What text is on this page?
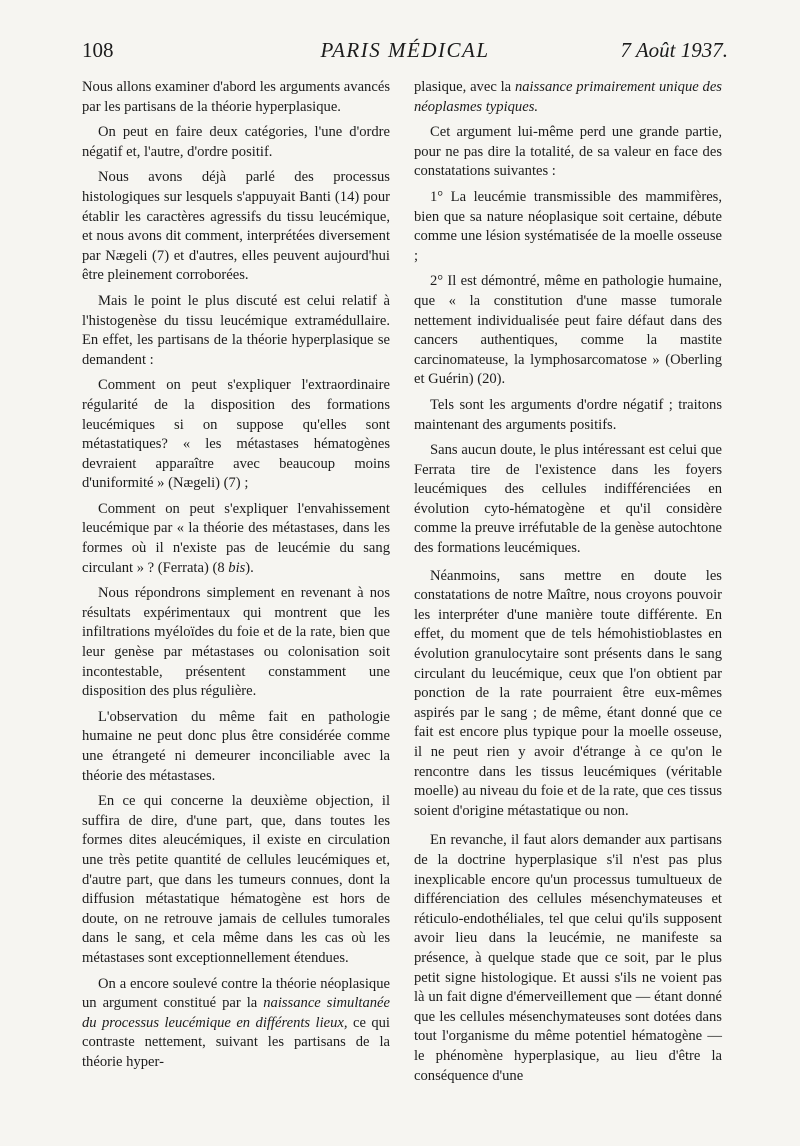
108	PARIS MÉDICAL	7 Août 1937.

Nous allons examiner d'abord les arguments avancés par les partisans de la théorie hyperplasique.

On peut en faire deux catégories, l'une d'ordre négatif et, l'autre, d'ordre positif.

Nous avons déjà parlé des processus histologiques sur lesquels s'appuyait Banti (14) pour établir les caractères agressifs du tissu leucémique, et nous avons dit comment, interprétées diversement par Nægeli (7) et d'autres, elles peuvent aujourd'hui être pleinement corroborées.

Mais le point le plus discuté est celui relatif à l'histogenèse du tissu leucémique extramédullaire. En effet, les partisans de la théorie hyperplasique se demandent :

Comment on peut s'expliquer l'extraordinaire régularité de la disposition des formations leucémiques si on suppose qu'elles sont métastatiques? « les métastases hématogènes devraient apparaître avec beaucoup moins d'uniformité » (Nægeli) (7) ;

Comment on peut s'expliquer l'envahissement leucémique par « la théorie des métastases, dans les formes où il n'existe pas de leucémie du sang circulant » ? (Ferrata) (8 bis).

Nous répondrons simplement en revenant à nos résultats expérimentaux qui montrent que les infiltrations myéloïdes du foie et de la rate, bien que leur genèse par métastases ou colonisation soit incontestable, présentent constamment une disposition des plus régulière.

L'observation du même fait en pathologie humaine ne peut donc plus être considérée comme une étrangeté ni demeurer inconciliable avec la théorie des métastases.

En ce qui concerne la deuxième objection, il suffira de dire, d'une part, que, dans toutes les formes dites aleucémiques, il existe en circulation une très petite quantité de cellules leucémiques et, d'autre part, que dans les tumeurs connues, dont la diffusion métastatique hématogène est hors de doute, on ne retrouve jamais de cellules tumorales dans le sang, et cela même dans les cas où les métastases sont exceptionnellement étendues.

On a encore soulevé contre la théorie néoplasique un argument constitué par la naissance simultanée du processus leucémique en différents lieux, ce qui contraste nettement, suivant les partisans de la théorie hyper-

plasique, avec la naissance primairement unique des néoplasmes typiques.

Cet argument lui-même perd une grande partie, pour ne pas dire la totalité, de sa valeur en face des constatations suivantes :

1° La leucémie transmissible des mammifères, bien que sa nature néoplasique soit certaine, débute comme une lésion systématisée de la moelle osseuse ;

2° Il est démontré, même en pathologie humaine, que « la constitution d'une masse tumorale nettement individualisée peut faire défaut dans des cancers authentiques, comme la mastite carcinomateuse, la lymphosarcomatose » (Oberling et Guérin) (20).

Tels sont les arguments d'ordre négatif ; traitons maintenant des arguments positifs.

Sans aucun doute, le plus intéressant est celui que Ferrata tire de l'existence dans les foyers leucémiques des cellules indifférenciées en évolution cyto-hématogène et qu'il considère comme la preuve irréfutable de la genèse autochtone des formations leucémiques.

Néanmoins, sans mettre en doute les constatations de notre Maître, nous croyons pouvoir les interpréter d'une manière toute différente. En effet, du moment que de tels hémohistioblastes en évolution granulocytaire sont présents dans le sang circulant du leucémique, ceux que l'on obtient par ponction de la rate pourraient être eux-mêmes aspirés par le sang ; de même, étant donné que ce fait est encore plus typique pour la moelle osseuse, il ne peut rien y avoir d'étrange à ce qu'on le rencontre dans les tissus leucémiques (véritable moelle) au niveau du foie et de la rate, que ces tissus soient d'origine métastatique ou non.

En revanche, il faut alors demander aux partisans de la doctrine hyperplasique s'il n'est pas plus inexplicable encore qu'un processus tumultueux de différenciation des cellules mésenchymateuses et réticulo-endothéliales, tel que celui qu'ils supposent avoir lieu dans la leucémie, ne manifeste sa présence, à quelque stade que ce soit, par le plus petit signe histologique. Et aussi s'ils ne voient pas là un fait digne d'émerveillement que — étant donné que les cellules mésenchymateuses sont dotées dans tout l'organisme du même potentiel hématogène — le phénomène hyperplasique, au lieu d'être la conséquence d'une
